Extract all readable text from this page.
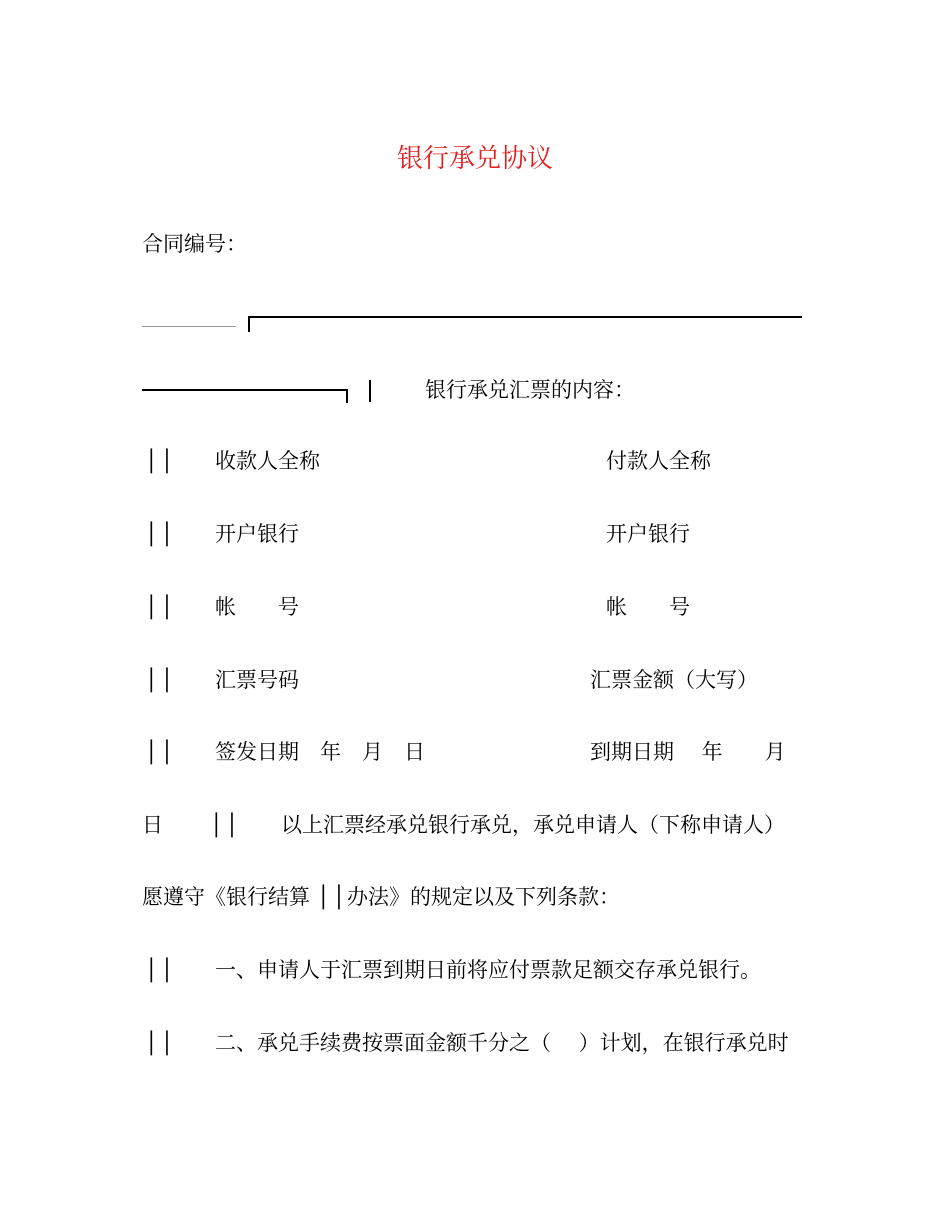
银行承兑协议
合同编号：
银行承兑汇票的内容：
││ 收款人全称	付款人全称
││ 开户银行	开户银行
││ 帐　　号	帐　　号
││ 汇票号码	汇票金额（大写）
││ 签发日期　年　月　日	到期日期　 年　　月
日 ││ 以上汇票经承兑银行承兑，承兑申请人（下称申请人）
愿遵守《银行结算 ││
办法》的规定以及下列条款：
││ 一、申请人于汇票到期日前将应付票款足额交存承兑银行。
││ 二、承兑手续费按票面金额千分之（　 ）计划，在银行承兑时
